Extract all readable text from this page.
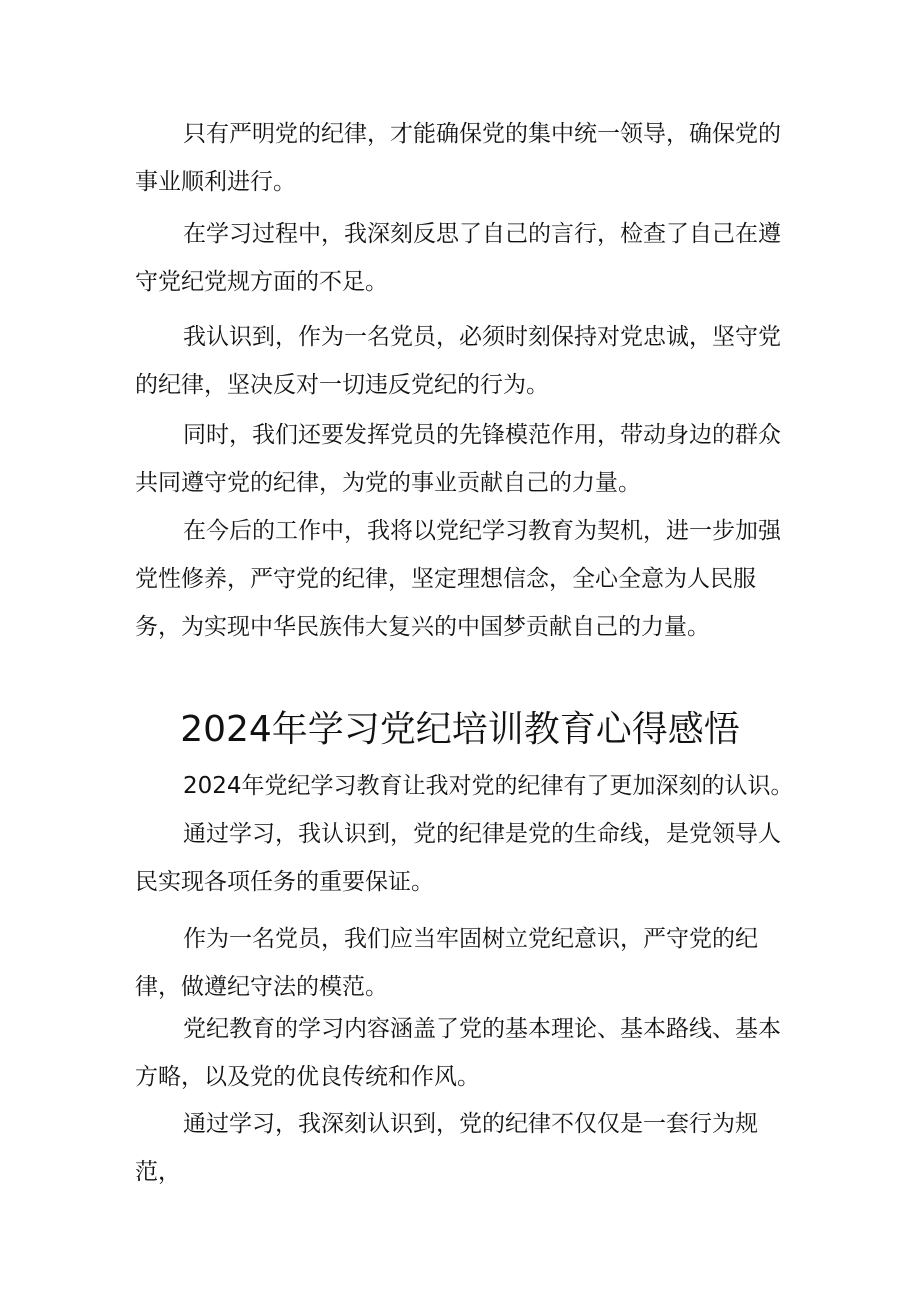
只有严明党的纪律，才能确保党的集中统一领导，确保党的事业顺利进行。

在学习过程中，我深刻反思了自己的言行，检查了自己在遵守党纪党规方面的不足。

我认识到，作为一名党员，必须时刻保持对党忠诚，坚守党的纪律，坚决反对一切违反党纪的行为。

同时，我们还要发挥党员的先锋模范作用，带动身边的群众共同遵守党的纪律，为党的事业贡献自己的力量。

在今后的工作中，我将以党纪学习教育为契机，进一步加强党性修养，严守党的纪律，坚定理想信念，全心全意为人民服务，为实现中华民族伟大复兴的中国梦贡献自己的力量。

2024年学习党纪培训教育心得感悟

2024年党纪学习教育让我对党的纪律有了更加深刻的认识。

通过学习，我认识到，党的纪律是党的生命线，是党领导人民实现各项任务的重要保证。

作为一名党员，我们应当牢固树立党纪意识，严守党的纪律，做遵纪守法的模范。

党纪教育的学习内容涵盖了党的基本理论、基本路线、基本方略，以及党的优良传统和作风。

通过学习，我深刻认识到，党的纪律不仅仅是一套行为规范，
